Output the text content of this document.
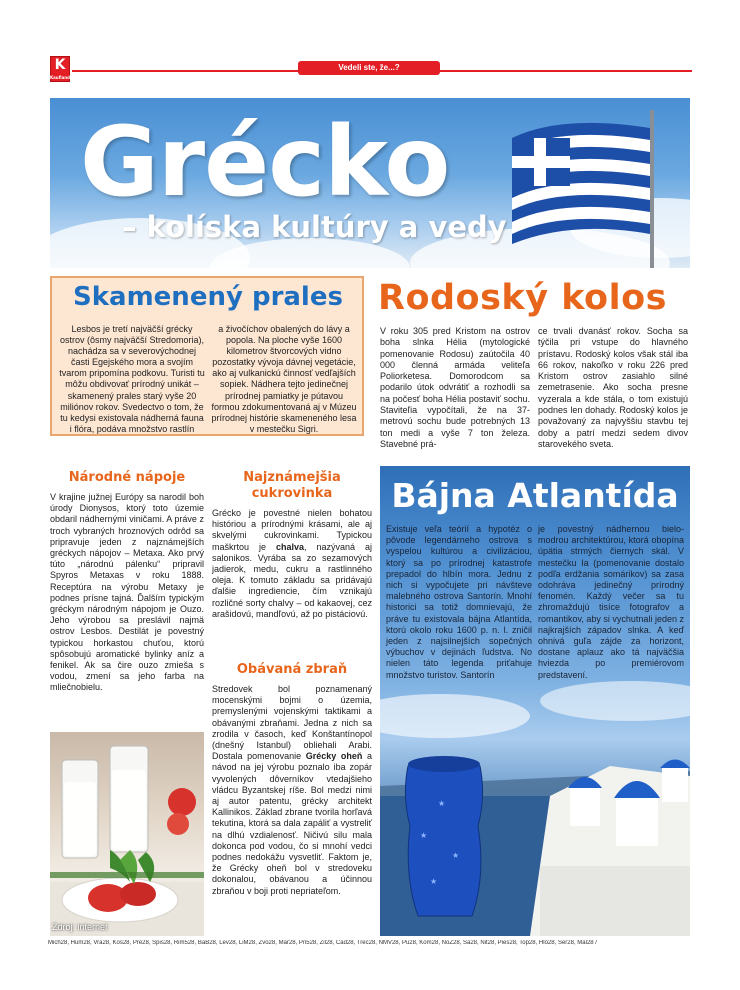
K
Kaufland
Vedeli ste, že...?
Grécko
– kolíska kultúry a vedy
Skamenený prales
Lesbos je tretí najväčší grécky ostrov (ôsmy najväčší Stredomoria), nachádza sa v severovýchodnej časti Egejského mora a svojím tvarom pripomína podkovu. Turisti tu môžu obdivovať prírodný unikát – skamenený prales starý vyše 20 miliónov rokov. Svedectvo o tom, že tu kedysi existovala nádherná fauna i flóra, podáva množstvo rastlín
a živočíchov obalených do lávy a popola. Na ploche vyše 1600 kilometrov štvorcových vidno pozostatky vývoja dávnej vegetácie, ako aj vulkanickú činnosť vedľajších sopiek. Nádhera tejto jedinečnej prírodnej pamiatky je pútavou formou zdokumentovaná aj v Múzeu prírodnej histórie skameneného lesa v mestečku Sigri.
Rodoský kolos
V roku 305 pred Kristom na ostrov boha slnka Hélia (mytologické pomenovanie Rodosu) zaútočila 40 000 členná armáda veliteľa Poliorketesa. Domorodcom sa podarilo útok odvrátiť a rozhodli sa na počesť boha Hélia postaviť sochu. Staviteľia vypočítali, že na 37-metrovú sochu bude potrebných 13 ton medi a vyše 7 ton železa. Stavebné prá-
ce trvali dvanásť rokov. Socha sa týčila pri vstupe do hlavného prístavu. Rodoský kolos však stál iba 66 rokov, nakoľko v roku 226 pred Kristom ostrov zasiahlo silné zemetrasenie. Ako socha presne vyzerala a kde stála, o tom existujú podnes len dohady. Rodoský kolos je považovaný za najvyššiu stavbu tej doby a patrí medzi sedem divov starovekého sveta.
Národné nápoje
V krajine južnej Európy sa narodil boh úrody Dionysos, ktorý toto územie obdaril nádhernými viničami. A práve z troch vybraných hroznových odrôd sa pripravuje jeden z najznámejších gréckych nápojov – Metaxa. Ako prvý túto „národnú pálenku“ pripravil Spyros Metaxas v roku 1888. Receptúra na výrobu Metaxy je podnes prísne tajná. Ďalším typickým gréckym národným nápojom je Ouzo. Jeho výrobou sa preslávil najmä ostrov Lesbos. Destilát je povestný typickou horkastou chuťou, ktorú spôsobujú aromatické bylinky aníz a fenikel. Ak sa čire ouzo zmieša s vodou, zmení sa jeho farba na mliečnobielu.
Zdroj: internet
Najznámejšia
cukrovinka
Grécko je povestné nielen bohatou históriou a prírodnými krásami, ale aj skvelými cukrovinkami. Typickou maškrtou je chalva, nazývaná aj salonikos. Vyrába sa zo sezamových jadierok, medu, cukru a rastlinného oleja. K tomuto základu sa pridávajú ďalšie ingrediencie, čím vznikajú rozličné sorty chalvy – od kakaovej, cez arašidovú, mandľovú, až po pistáciovú.
Obávaná zbraň
Stredovek bol poznamenaný mocenskými bojmi o územia, premyslenými vojenskými taktikami a obávanými zbraňami. Jedna z nich sa zrodila v časoch, keď Konštantínopol (dnešný Istanbul) obliehali Arabi. Dostala pomenovanie Grécky oheň a návod na jej výrobu poznalo iba zopár vyvolených dôverníkov vtedajšieho vládcu Byzantskej ríše. Bol medzi nimi aj autor patentu, grécky architekt Kallinikos. Základ zbrane tvorila horľavá tekutina, ktorá sa dala zapáliť a vystreliť na dlhú vzdialenosť. Ničivú silu mala dokonca pod vodou, čo si mnohí vedci podnes nedokážu vysvetliť. Faktom je, že Grécky oheň bol v stredoveku dokonalou, obávanou a účinnou zbraňou v boji proti nepriateľom.
★
★
★
★
Bájna Atlantída
Existuje veľa teórií a hypotéz o pôvode legendárneho ostrova s vyspelou kultúrou a civilizáciou, ktorý sa po prírodnej katastrofe prepadol do hlbín mora. Jednu z nich si vypočujete pri návšteve malebného ostrova Santorín. Mnohí historici sa totiž domnievajú, že práve tu existovala bájna Atlantída, ktorú okolo roku 1600 p. n. l. zničil jeden z najsilnejších sopečných výbuchov v dejinách ľudstva. No nielen táto legenda priťahuje množstvo turistov. Santorín
je povestný nádhernou bielo-modrou architektúrou, ktorá obopína úpätia strmých čiernych skál. V mestečku Ia (pomenovanie dostalo podľa erdžania somárikov) sa zasa odohráva jedinečný prírodný fenomén. Každý večer sa tu zhromaždujú tisíce fotografov a romantikov, aby si vychutnali jeden z najkrajších západov slnka. A keď ohnivá guľa zájde za horizont, dostane aplauz ako tá najväčšia hviezda po premiérovom predstavení.
Mich28, Hum28, Vra28, Kos28, Pre28, Spis28, Rim528, BaB28, Lev28, LiM28, Zvo28, Mar28, Pri528, Zil28, Cad28, Trec28, NMV28, Pu28, Kom28, NoZ28, Sa28, Nit28, Pies28, Top28, Hlo28, Ser28, Mal28 /
